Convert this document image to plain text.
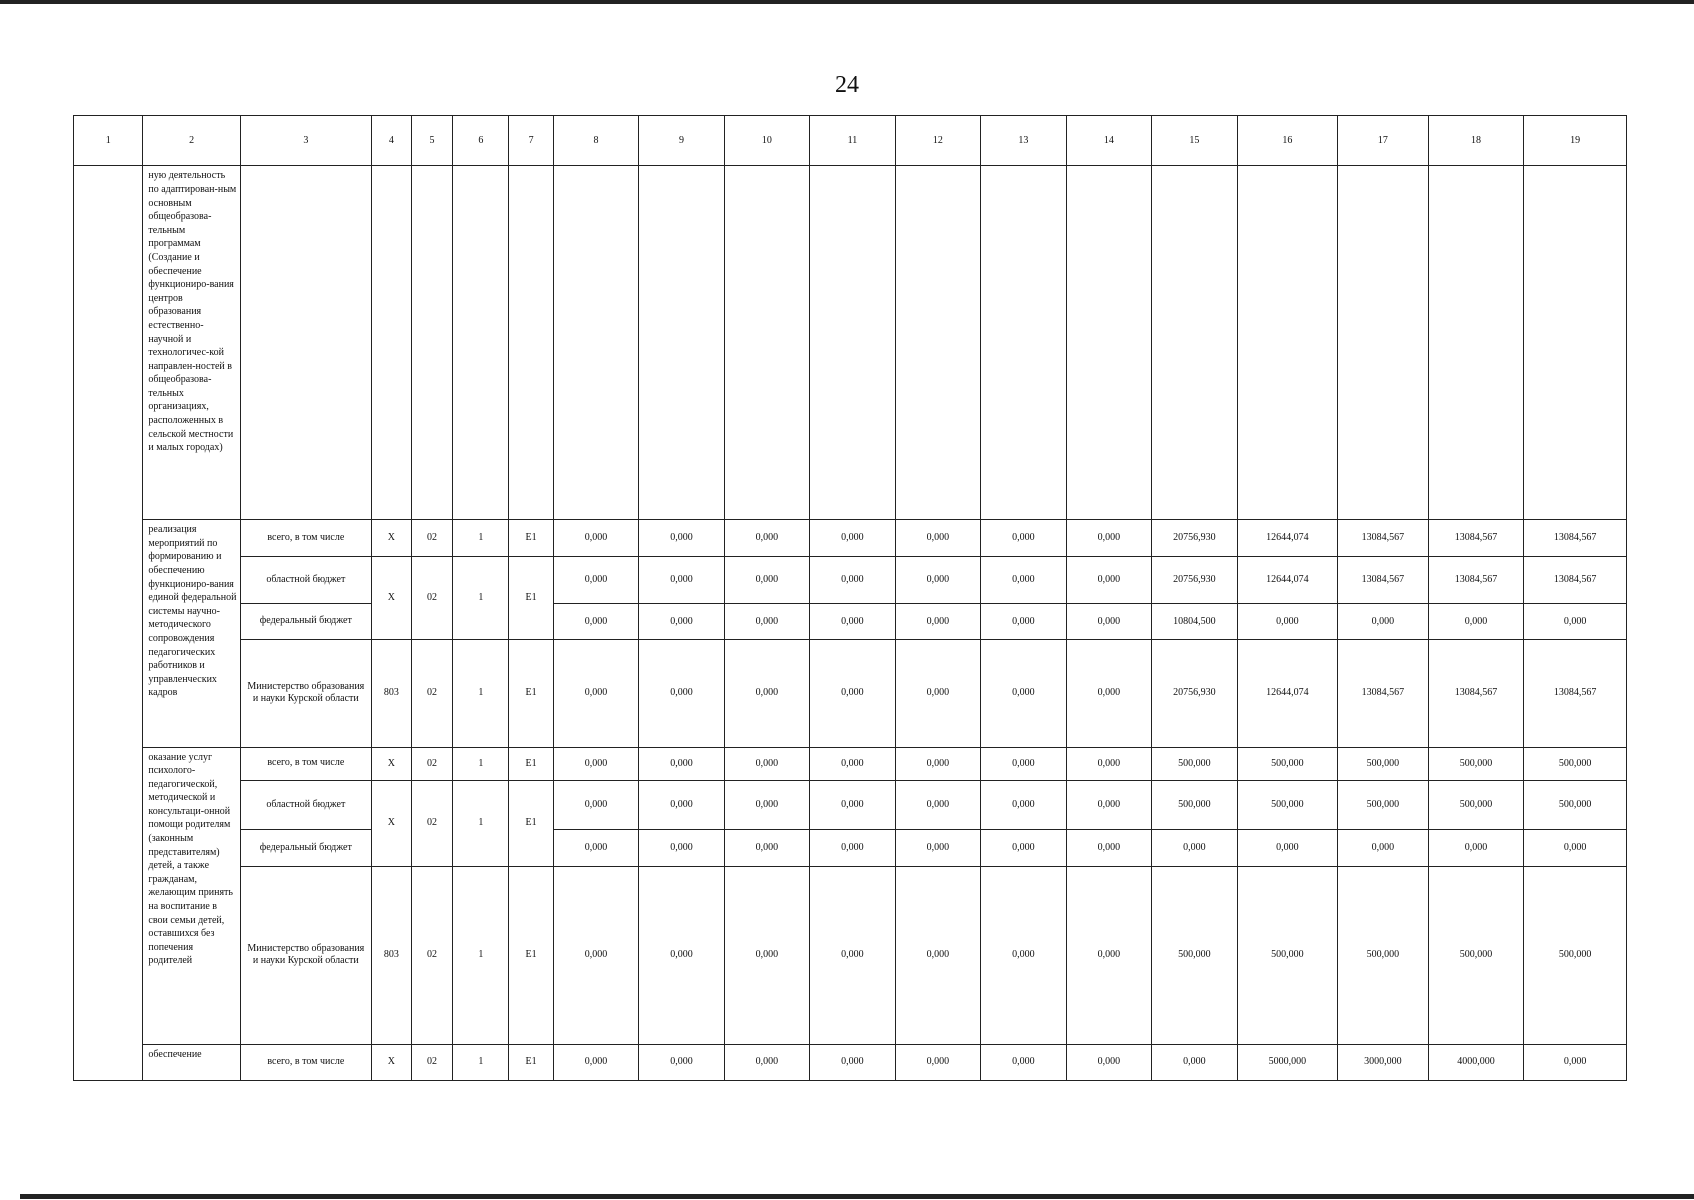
24
1	2	3	4	5	6	7	8	9	10	11	12	13	14	15	16	17	18	19
	ную деятельность по адаптирован-ным основным общеобразова-тельным программам (Создание и обеспечение функциониро-вания центров образования естественно-научной и технологичес-кой направлен-ностей в общеобразова-тельных организациях, расположенных в сельской местности и малых городах)																	
	реализация мероприятий по формированию и обеспечению функциониро-вания единой федеральной системы научно-методического сопровождения педагогических работников и управленческих кадров	всего, в том числе	X	02	1	E1	0,000	0,000	0,000	0,000	0,000	0,000	0,000	20756,930	12644,074	13084,567	13084,567	13084,567
		областной бюджет	X	02	1	E1	0,000	0,000	0,000	0,000	0,000	0,000	0,000	20756,930	12644,074	13084,567	13084,567	13084,567
		федеральный бюджет					0,000	0,000	0,000	0,000	0,000	0,000	0,000	10804,500	0,000	0,000	0,000	0,000
		Министерство образования и науки Курской области	803	02	1	E1	0,000	0,000	0,000	0,000	0,000	0,000	0,000	20756,930	12644,074	13084,567	13084,567	13084,567
	оказание услуг психолого-педагогической, методической и консультаци-онной помощи родителям (законным представителям) детей, а также гражданам, желающим принять на воспитание в свои семьи детей, оставшихся без попечения родителей	всего, в том числе	X	02	1	E1	0,000	0,000	0,000	0,000	0,000	0,000	0,000	500,000	500,000	500,000	500,000	500,000
		областной бюджет	X	02	1	E1	0,000	0,000	0,000	0,000	0,000	0,000	0,000	500,000	500,000	500,000	500,000	500,000
		федеральный бюджет					0,000	0,000	0,000	0,000	0,000	0,000	0,000	0,000	0,000	0,000	0,000	0,000
		Министерство образования и науки Курской области	803	02	1	E1	0,000	0,000	0,000	0,000	0,000	0,000	0,000	500,000	500,000	500,000	500,000	500,000
	обеспечение	всего, в том числе	X	02	1	E1	0,000	0,000	0,000	0,000	0,000	0,000	0,000	0,000	5000,000	3000,000	4000,000	0,000
